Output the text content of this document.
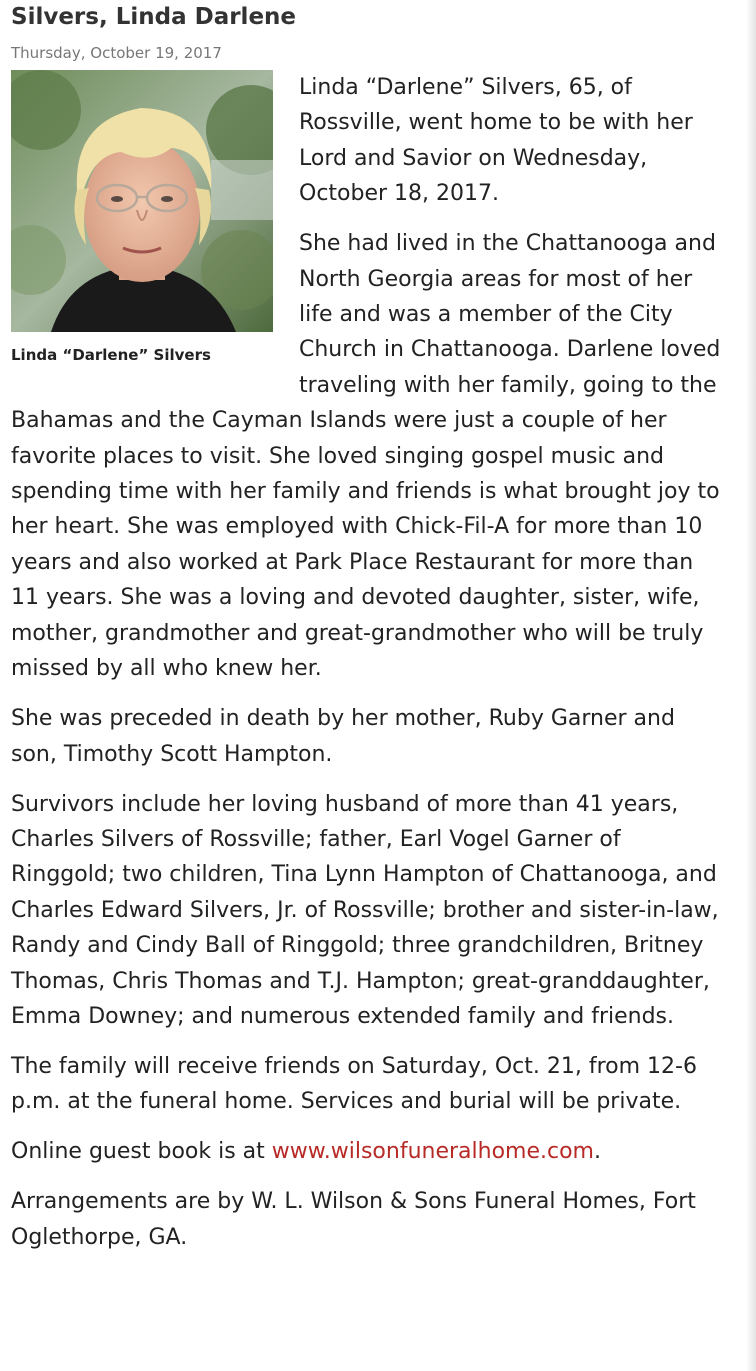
Silvers, Linda Darlene
Thursday, October 19, 2017
Linda “Darlene” Silvers

Linda “Darlene” Silvers, 65, of Rossville, went home to be with her Lord and Savior on Wednesday, October 18, 2017.

She had lived in the Chattanooga and North Georgia areas for most of her life and was a member of the City Church in Chattanooga. Darlene loved traveling with her family, going to the Bahamas and the Cayman Islands were just a couple of her favorite places to visit. She loved singing gospel music and spending time with her family and friends is what brought joy to her heart. She was employed with Chick-Fil-A for more than 10 years and also worked at Park Place Restaurant for more than 11 years. She was a loving and devoted daughter, sister, wife, mother, grandmother and great-grandmother who will be truly missed by all who knew her.

She was preceded in death by her mother, Ruby Garner and son, Timothy Scott Hampton.

Survivors include her loving husband of more than 41 years, Charles Silvers of Rossville; father, Earl Vogel Garner of Ringgold; two children, Tina Lynn Hampton of Chattanooga, and Charles Edward Silvers, Jr. of Rossville; brother and sister-in-law, Randy and Cindy Ball of Ringgold; three grandchildren, Britney Thomas, Chris Thomas and T.J. Hampton; great-granddaughter, Emma Downey; and numerous extended family and friends.

The family will receive friends on Saturday, Oct. 21, from 12-6 p.m. at the funeral home. Services and burial will be private.

Online guest book is at www.wilsonfuneralhome.com.

Arrangements are by W. L. Wilson & Sons Funeral Homes, Fort Oglethorpe, GA.
